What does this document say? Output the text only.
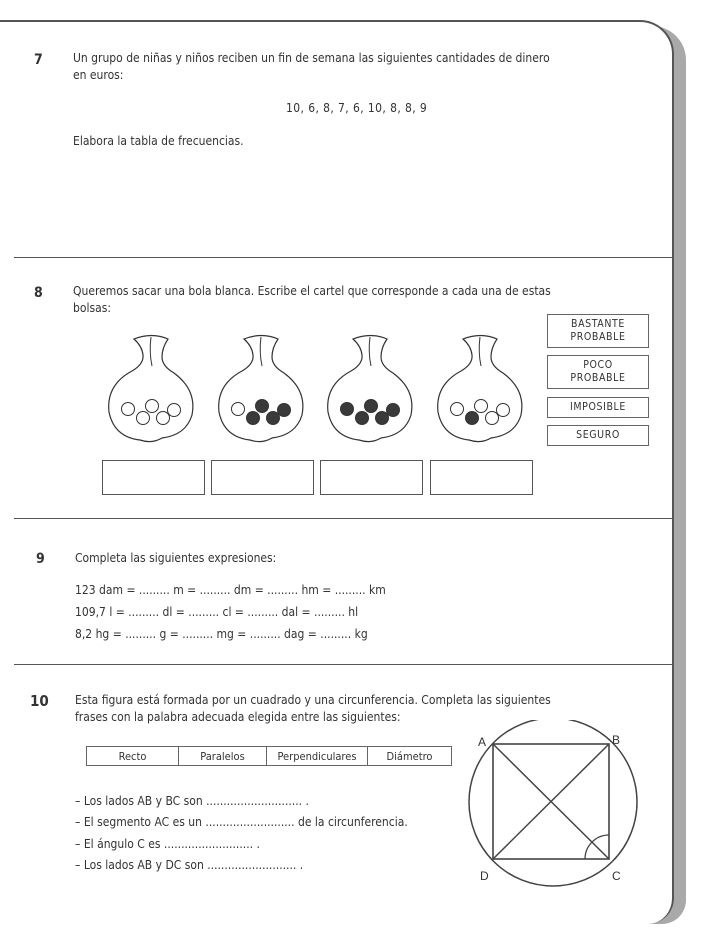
7	Un grupo de niñas y niños reciben un fin de semana las siguientes cantidades de dinero
en euros:
10, 6, 8, 7, 6, 10, 8, 8, 9
Elabora la tabla de frecuencias.
8	Queremos sacar una bola blanca. Escribe el cartel que corresponde a cada una de estas
bolsas:
BASTANTE
PROBABLE
POCO
PROBABLE
IMPOSIBLE
SEGURO
9	Completa las siguientes expresiones:
123 dam = ......... m = ......... dm = ......... hm = ......... km
109,7 l = ......... dl = ......... cl = ......... dal = ......... hl
8,2 hg = ......... g = ......... mg = ......... dag = ......... kg
10 Esta figura está formada por un cuadrado y una circunferencia. Completa las siguientes
frases con la palabra adecuada elegida entre las siguientes:
Recto	Paralelos	Perpendiculares	Diámetro
– Los lados AB y BC son ............................ .
– El segmento AC es un .......................... de la circunferencia.
– El ángulo C es .......................... .
– Los lados AB y DC son .......................... .
A	B
C
D
